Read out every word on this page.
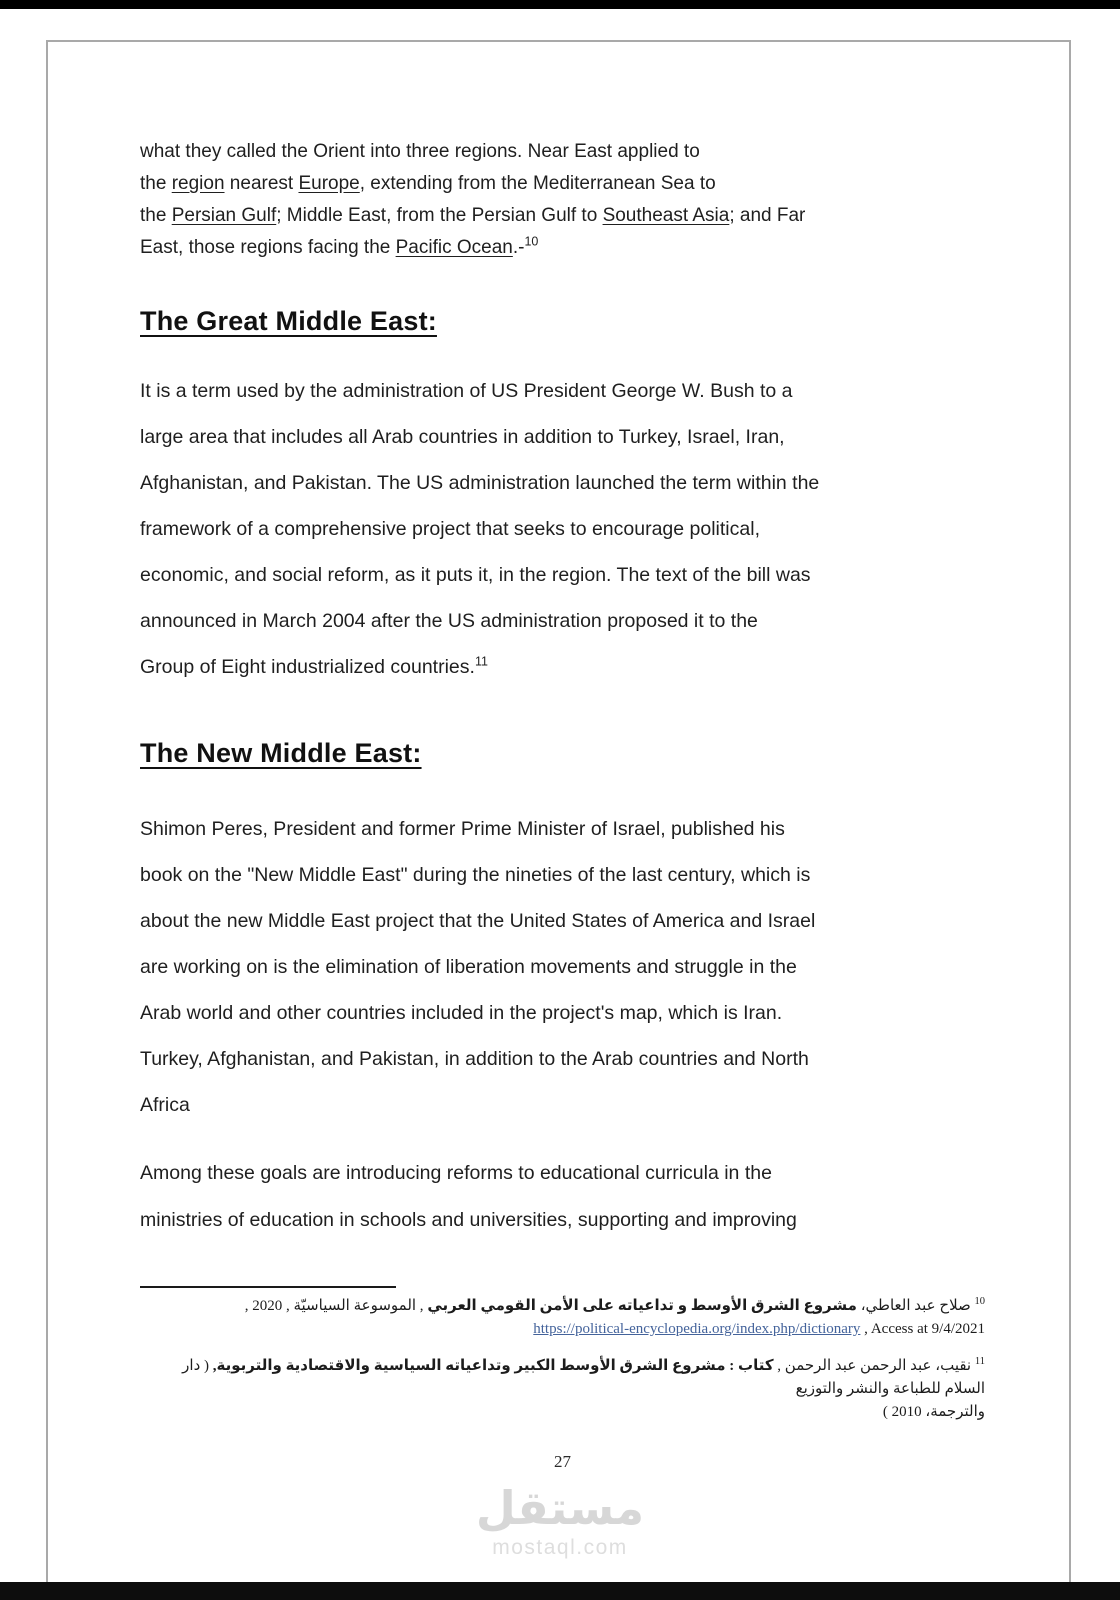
what they called the Orient into three regions. Near East applied to
the region nearest Europe, extending from the Mediterranean Sea to
the Persian Gulf; Middle East, from the Persian Gulf to Southeast Asia; and Far
East, those regions facing the Pacific Ocean.-$^{10}$
The Great Middle East:
It is a term used by the administration of US President George W. Bush to a
large area that includes all Arab countries in addition to Turkey, Israel, Iran,
Afghanistan, and Pakistan. The US administration launched the term within the
framework of a comprehensive project that seeks to encourage political,
economic, and social reform, as it puts it, in the region. The text of the bill was
announced in March 2004 after the US administration proposed it to the
Group of Eight industrialized countries.$^{11}$
The New Middle East:
Shimon Peres, President and former Prime Minister of Israel, published his
book on the "New Middle East" during the nineties of the last century, which is
about the new Middle East project that the United States of America and Israel
are working on is the elimination of liberation movements and struggle in the
Arab world and other countries included in the project's map, which is Iran.
Turkey, Afghanistan, and Pakistan, in addition to the Arab countries and North
Africa
Among these goals are introducing reforms to educational curricula in the
ministries of education in schools and universities, supporting and improving
$^{10}$ صلاح عبد العاطي، مشروع الشرق الأوسط و تداعياته على الأمن القومي العربي , الموسوعة السياسيّة , 2020 ,
https://political-encyclopedia.org/index.php/dictionary , Access at 9/4/2021
$^{11}$ نقيب، عبد الرحمن عبد الرحمن , كتاب : مشروع الشرق الأوسط الكبير وتداعياته السياسية والاقتصادية والتربوية, ( دار السلام للطباعة والنشر والتوزيع
والترجمة، 2010 )
27
مستقل
mostaql.com
